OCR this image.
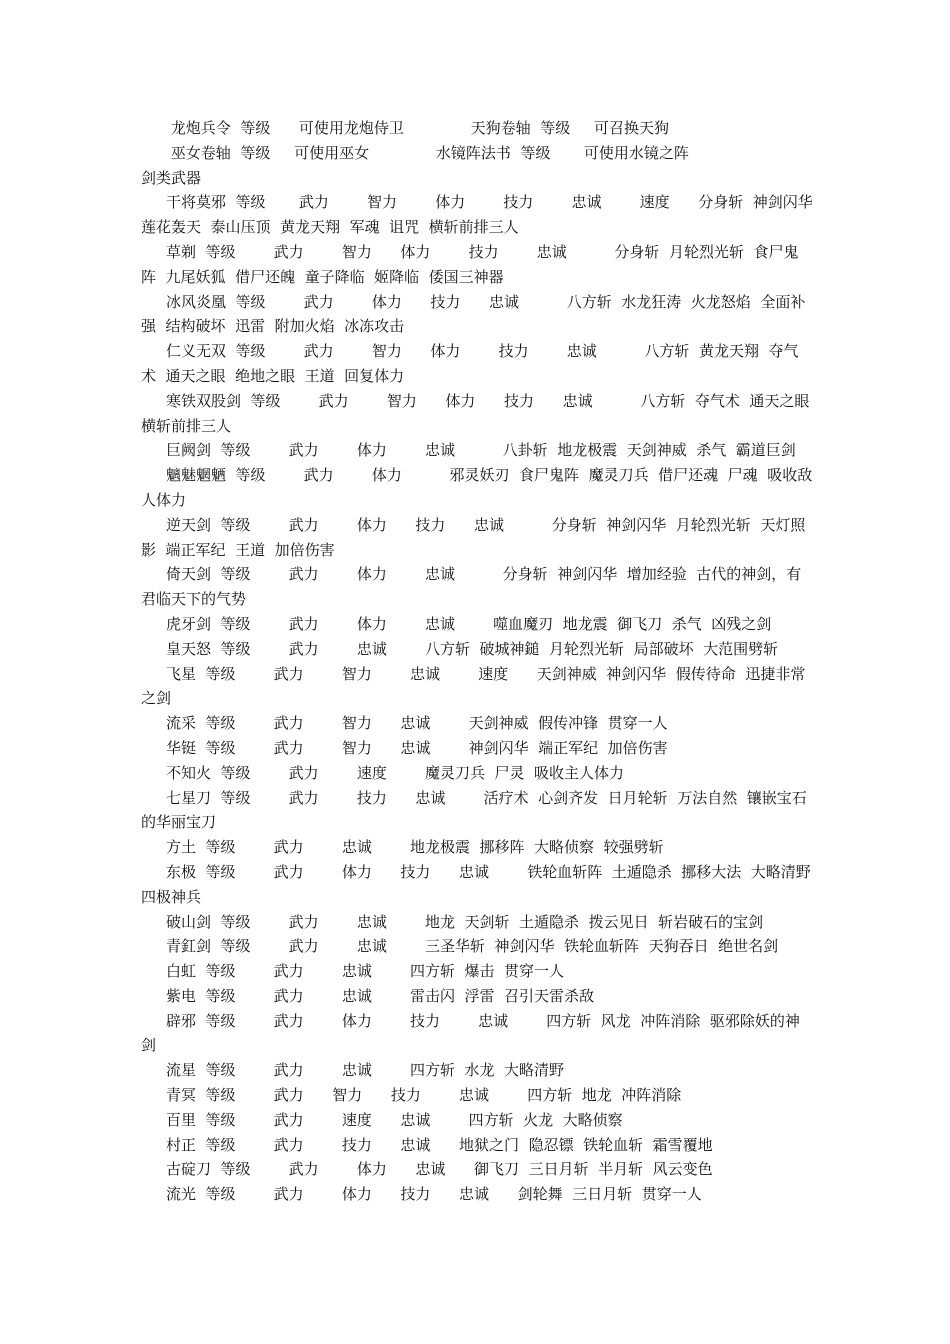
龙炮兵令  等级      可使用龙炮侍卫              天狗卷轴  等级     可召换天狗

巫女卷轴  等级     可使用巫女              水镜阵法书  等级       可使用水镜之阵

剑类武器

干将莫邪  等级       武力        智力        体力        技力        忠诚        速度      分身斩  神剑闪华  莲花轰天  泰山压顶  黄龙天翔  军魂  诅咒  横斩前排三人

草剃  等级        武力        智力      体力        技力        忠诚          分身斩  月轮烈光斩  食尸鬼阵  九尾妖狐  借尸还魄  童子降临  姬降临  倭国三神器

冰风炎凰  等级        武力        体力      技力      忠诚          八方斩  水龙狂涛  火龙怒焰  全面补强  结构破坏  迅雷  附加火焰  冰冻攻击

仁义无双  等级        武力        智力      体力        技力        忠诚          八方斩  黄龙天翔  夺气术  通天之眼  绝地之眼  王道  回复体力

寒铁双股剑  等级        武力        智力      体力      技力      忠诚          八方斩  夺气术  通天之眼  横斩前排三人

巨阙剑  等级        武力        体力        忠诚          八卦斩  地龙极震  天剑神威  杀气  霸道巨剑

魑魅魍魉  等级        武力        体力          邪灵妖刃  食尸鬼阵  魔灵刀兵  借尸还魂  尸魂  吸收敌人体力

逆天剑  等级        武力        体力      技力      忠诚          分身斩  神剑闪华  月轮烈光斩  天灯照影  端正军纪  王道  加倍伤害

倚天剑  等级        武力        体力        忠诚          分身斩  神剑闪华  增加经验  古代的神剑，有君临天下的气势

虎牙剑  等级        武力        体力        忠诚        噬血魔刃  地龙震  御飞刀  杀气  凶残之剑

皇天怒  等级        武力        忠诚        八方斩  破城神鎚  月轮烈光斩  局部破坏  大范围劈斩

飞星  等级        武力        智力        忠诚        速度      天剑神威  神剑闪华  假传待命  迅捷非常之剑

流采  等级        武力        智力      忠诚        天剑神威  假传冲锋  贯穿一人

华铤  等级        武力        智力      忠诚        神剑闪华  端正军纪  加倍伤害

不知火  等级        武力        速度        魔灵刀兵  尸灵  吸收主人体力

七星刀  等级        武力        技力      忠诚        活疗术  心剑齐发  日月轮斩  万法自然  镶嵌宝石的华丽宝刀

方土  等级        武力        忠诚        地龙极震  挪移阵  大略侦察  较强劈斩

东极  等级        武力        体力      技力      忠诚        铁轮血斩阵  土遁隐杀  挪移大法  大略清野  四极神兵

破山剑  等级        武力        忠诚        地龙  天剑斩  土遁隐杀  拨云见日  斩岩破石的宝剑

青釭剑  等级        武力        忠诚        三圣华斩  神剑闪华  铁轮血斩阵  天狗吞日  绝世名剑

白虹  等级        武力        忠诚        四方斩  爆击  贯穿一人

紫电  等级        武力        忠诚        雷击闪  浮雷  召引天雷杀敌

辟邪  等级        武力        体力        技力        忠诚        四方斩  风龙  冲阵消除  驱邪除妖的神剑

流星  等级        武力        忠诚        四方斩  水龙  大略清野

青冥  等级        武力      智力      技力        忠诚        四方斩  地龙  冲阵消除

百里  等级        武力        速度      忠诚        四方斩  火龙  大略侦察

村正  等级        武力        技力      忠诚      地狱之门  隐忍镖  铁轮血斩  霜雪覆地

古碇刀  等级        武力        体力      忠诚      御飞刀  三日月斩  半月斩  风云变色

流光  等级        武力        体力      技力      忠诚      剑轮舞  三日月斩  贯穿一人
